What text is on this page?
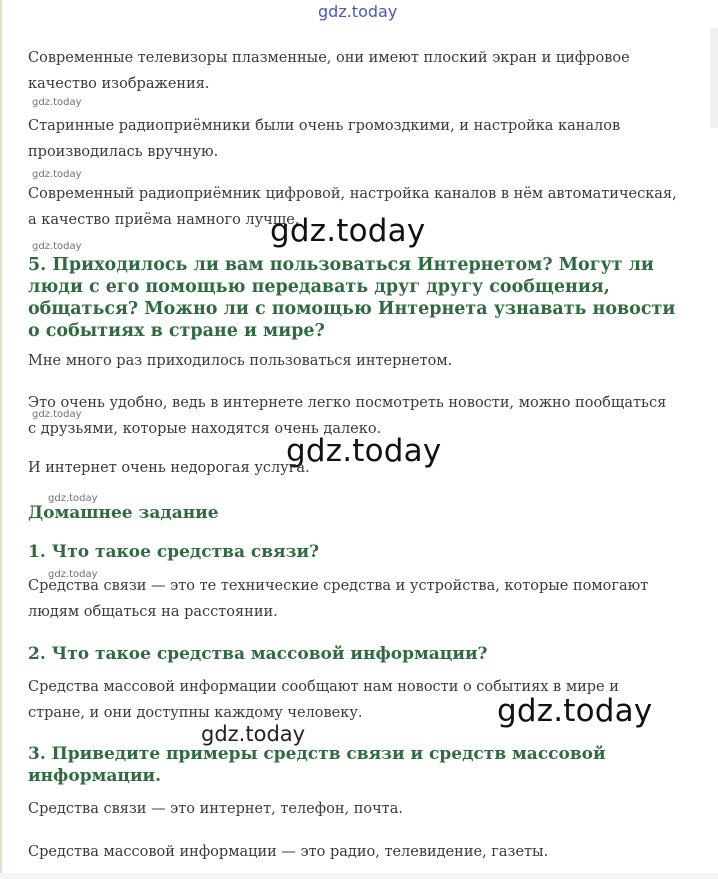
gdz.today

Современные телевизоры плазменные, они имеют плоский экран и цифровое качество изображения.

gdz.today

Старинные радиоприёмники были очень громоздкими, и настройка каналов производилась вручную.

gdz.today

Современный радиоприёмник цифровой, настройка каналов в нём автоматическая, а качество приёма намного лучше.

gdz.today
gdz.today
5. Приходилось ли вам пользоваться Интернетом? Могут ли люди с его помощью передавать друг другу сообщения, общаться? Можно ли с помощью Интернета узнавать новости о событиях в стране и мире?

Мне много раз приходилось пользоваться интернетом.

Это очень удобно, ведь в интернете легко посмотреть новости, можно пообщаться с друзьями, которые находятся очень далеко.

gdz.today
gdz.today

И интернет очень недорогая услуга.

gdz.today
Домашнее задание
1. Что такое средства связи?
gdz.today

Средства связи — это те технические средства и устройства, которые помогают людям общаться на расстоянии.

2. Что такое средства массовой информации?

Средства массовой информации сообщают нам новости о событиях в мире и стране, и они доступны каждому человеку.	gdz.today
gdz.today
3. Приведите примеры средств связи и средств массовой информации.

Средства связи — это интернет, телефон, почта.

Средства массовой информации — это радио, телевидение, газеты.
